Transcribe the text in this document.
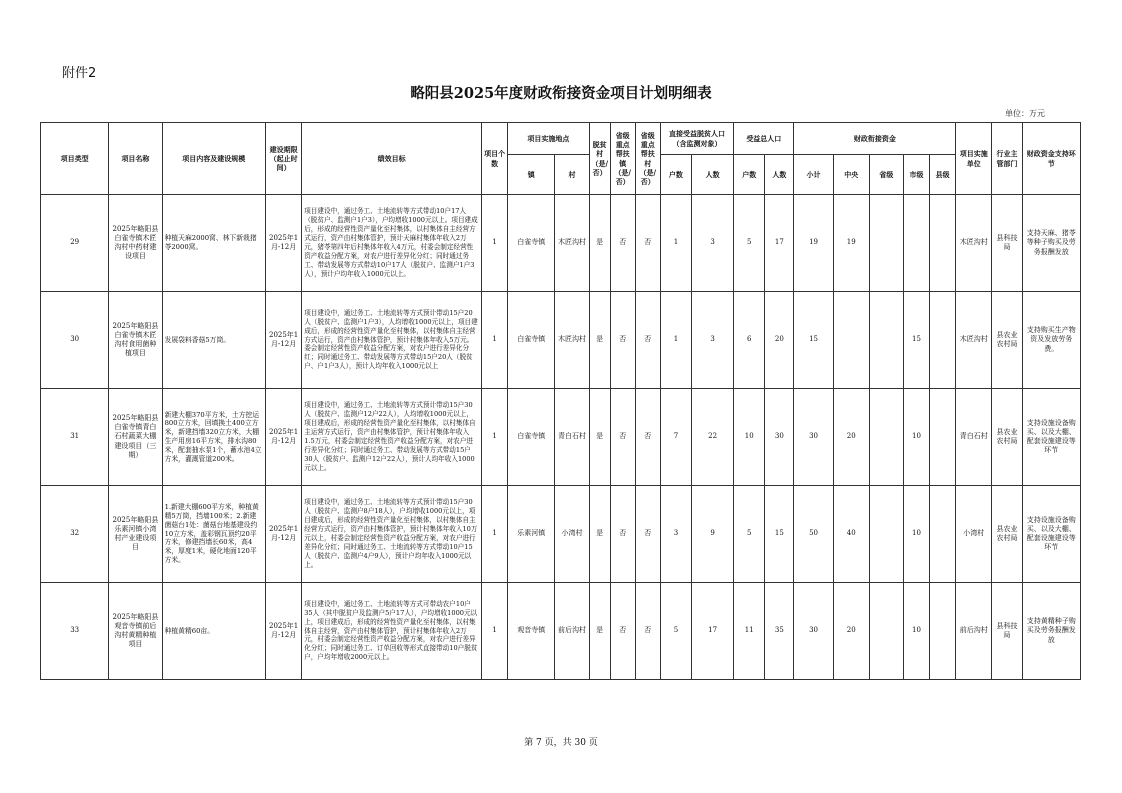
附件2
略阳县2025年度财政衔接资金项目计划明细表
单位：万元
项目类型	项目名称	项目内容及建设规模	建设期限（起止时间）	绩效目标	项目个数	项目实施地点		脱贫村（是/否）	省级重点帮扶镇（是/否）	省级重点帮扶村（是/否）	直接受益脱贫人口（含监测对象）		受益总人口		财政衔接资金					项目实施单位	行业主管部门	财政资金支持环节
						镇	村				户数	人数	户数	人数	小计	中央	省级	市级	县级			
29	2025年略阳县白雀寺镇木匠沟村中药材建设项目	种植天麻2000窝、林下新栽猪苓2000窝。	2025年1月-12月	项目建设中，通过务工、土地流转等方式带动10户17人（脱贫户、监测户1户3），户均增收1000元以上。项目建成后，形成的经营性资产量化至村集体，以村集体自主经营方式运行，资产由村集体管护，预计天麻村集体年收入2万元，猪苓第四年后村集体年收入4万元，村委会制定经营性资产收益分配方案，对农户进行差异化分红；同时通过务工、带动发展等方式带动10户17人（脱贫户、监测户1户3人），预计户均年收入1000元以上。	1	白雀寺镇	木匠沟村	是	否	否	1	3	5	17	19	19				木匠沟村	县科技局	支持天麻、猪苓等种子购买及劳务报酬发放
30	2025年略阳县白雀寺镇木匠沟村食用菌种植项目	发展袋料香菇5万筒。	2025年1月-12月	项目建设中，通过务工、土地流转等方式预计带动15户20人（脱贫户、监测户1户3），人均增收1000元以上，项目建成后，形成的经营性资产量化至村集体，以村集体自主经营方式运行，资产由村集体管护，预计村集体年收入5万元。委会制定经营性资产收益分配方案，对农户进行差异化分红；同时通过务工、带动发展等方式带动15户20人（脱贫户、户1户3人），预计人均年收入1000元以上	1	白雀寺镇	木匠沟村	是	否	否	1	3	6	20	15			15		木匠沟村	县农业农村局	支持购买生产物资及发放劳务费。
31	2025年略阳县白雀寺镇青白石村蔬菜大棚建设项目（三期）	新建大棚370平方米，土方挖运800立方米，回填换土400立方米，新建挡墙320立方米，大棚生产用房16平方米，排水沟80米，配套抽水泵1个，蓄水池4立方米，灌溉管道200米。	2025年1月-12月	项目建设中，通过务工、土地流转等方式预计带动15户30人（脱贫户、监测户12户22人），人均增收1000元以上，项目建成后，形成的经营性资产量化至村集体，以村集体自主运营方式运行，资产由村集体管护，预计村集体年收入1.5万元，村委会制定经营性资产收益分配方案，对农户进行差异化分红；同时通过务工、带动发展等方式带动15户30人（脱贫户、监测户12户22人），预计人均年收入1000元以上。	1	白雀寺镇	青白石村	是	否	否	7	22	10	30	30	20		10		青白石村	县农业农村局	支持设施设备购买、以及大棚、配套设施建设等环节
32	2025年略阳县乐素河镇小湾村产业建设项目	1.新建大棚600平方米，种植黄精5万筒，挡墙100米；2.新建菌菇台1处：菌菇台地基建设约10立方米，盖彩钢瓦顶约20平方米，修建挡墙长60米，高4米，厚度1米，硬化地面120平方米。	2025年1月-12月	项目建设中，通过务工、土地流转等方式预计带动15户30人（脱贫户、监测户8户18人），户均增收1000元以上，项目建成后，形成的经营性资产量化至村集体，以村集体自主经营方式运行，资产由村集体管护，预计村集体年收入10万元以上，村委会制定经营性资产收益分配方案，对农户进行差异化分红；同时通过务工、土地流转等方式带动10户15人（脱贫户、监测户4户9人），预计户均年收入1000元以上。	1	乐素河镇	小湾村	是	否	否	3	9	5	15	50	40		10		小湾村	县农业农村局	支持设施设备购买、以及大棚、配套设施建设等环节
33	2025年略阳县观音寺镇前后沟村黄精种植项目	种植黄精60亩。	2025年1月-12月	项目建设中，通过务工、土地流转等方式可带动农户10户35人（其中脱贫户及监测户5户17人），户均增收1000元以上，项目建成后，形成的经营性资产量化至村集体，以村集体自主经营，资产由村集体管护，预计村集体年收入2万元，村委会制定经营性资产收益分配方案，对农户进行差异化分红；同时通过务工、订单回收等形式直接带动10户脱贫户，户均年增收2000元以上。	1	观音寺镇	前后沟村	是	否	否	5	17	11	35	30	20		10		前后沟村	县科技局	支持黄精种子购买及劳务报酬发放
第 7 页，共 30 页
